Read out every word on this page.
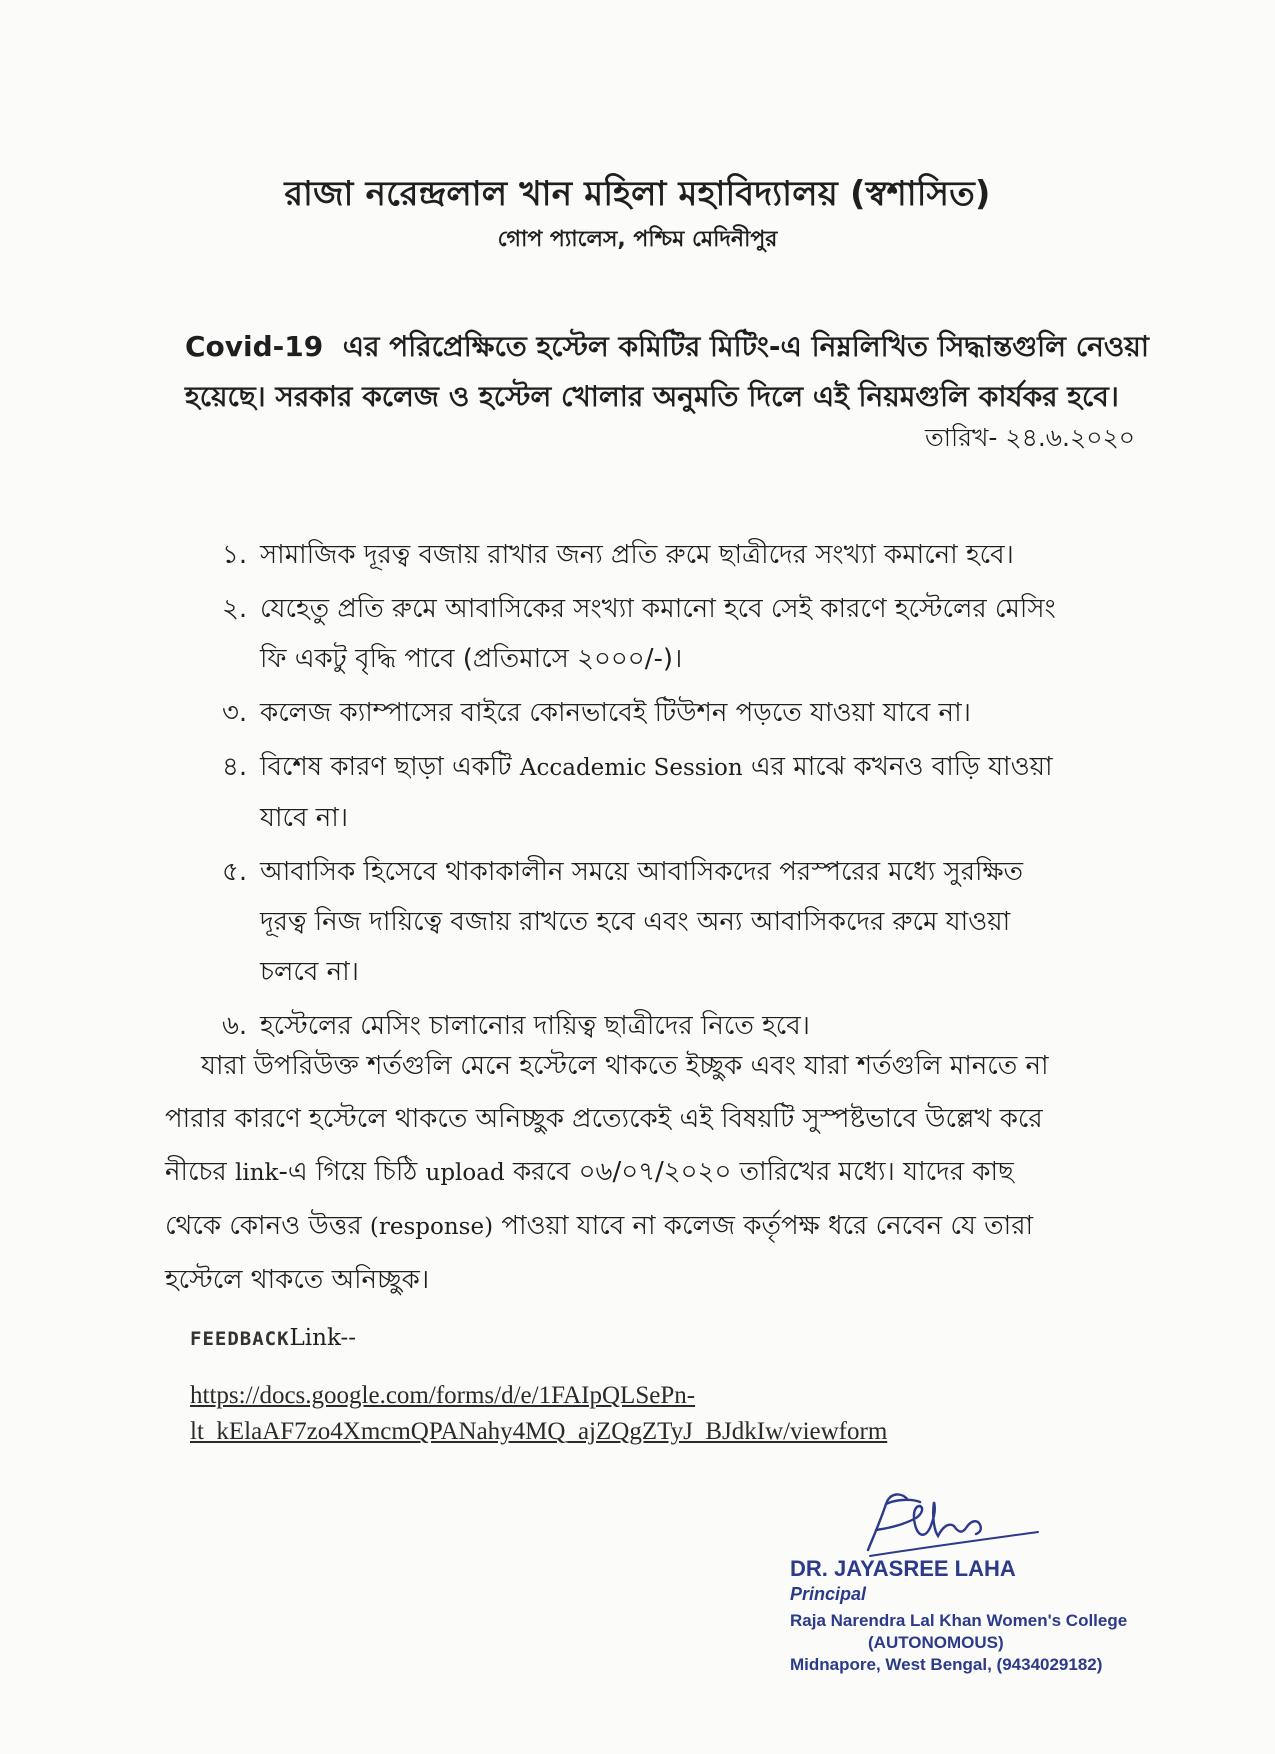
রাজা নরেন্দ্রলাল খান মহিলা মহাবিদ্যালয় (স্বশাসিত)
গোপ প্যালেস, পশ্চিম মেদিনীপুর
Covid-19 এর পরিপ্রেক্ষিতে হস্টেল কমিটির মিটিং-এ নিম্নলিখিত সিদ্ধান্তগুলি নেওয়া
হয়েছে। সরকার কলেজ ও হস্টেল খোলার অনুমতি দিলে এই নিয়মগুলি কার্যকর হবে।
তারিখ- ২৪.৬.২০২০
১. সামাজিক দূরত্ব বজায় রাখার জন্য প্রতি রুমে ছাত্রীদের সংখ্যা কমানো হবে।
২. যেহেতু প্রতি রুমে আবাসিকের সংখ্যা কমানো হবে সেই কারণে হস্টেলের মেসিং
ফি একটু বৃদ্ধি পাবে (প্রতিমাসে ২০০০/-)।
৩. কলেজ ক্যাম্পাসের বাইরে কোনভাবেই টিউশন পড়তে যাওয়া যাবে না।
৪. বিশেষ কারণ ছাড়া একটি Accademic Session এর মাঝে কখনও বাড়ি যাওয়া
যাবে না।
৫. আবাসিক হিসেবে থাকাকালীন সময়ে আবাসিকদের পরস্পরের মধ্যে সুরক্ষিত
দূরত্ব নিজ দায়িত্বে বজায় রাখতে হবে এবং অন্য আবাসিকদের রুমে যাওয়া
চলবে না।
৬. হস্টেলের মেসিং চালানোর দায়িত্ব ছাত্রীদের নিতে হবে।
যারা উপরিউক্ত শর্তগুলি মেনে হস্টেলে থাকতে ইচ্ছুক এবং যারা শর্তগুলি মানতে না
পারার কারণে হস্টেলে থাকতে অনিচ্ছুক প্রত্যেকেই এই বিষয়টি সুস্পষ্টভাবে উল্লেখ করে
নীচের link-এ গিয়ে চিঠি upload করবে ০৬/০৭/২০২০ তারিখের মধ্যে। যাদের কাছ
থেকে কোনও উত্তর (response) পাওয়া যাবে না কলেজ কর্তৃপক্ষ ধরে নেবেন যে তারা
হস্টেলে থাকতে অনিচ্ছুক।
FEEDBACKLink--
https://docs.google.com/forms/d/e/1FAIpQLSePn-
lt_kElaAF7zo4XmcmQPANahy4MQ_ajZQgZTyJ_BJdkIw/viewform
DR. JAYASREE LAHA
Principal
Raja Narendra Lal Khan Women's College
(AUTONOMOUS)
Midnapore, West Bengal, (9434029182)
